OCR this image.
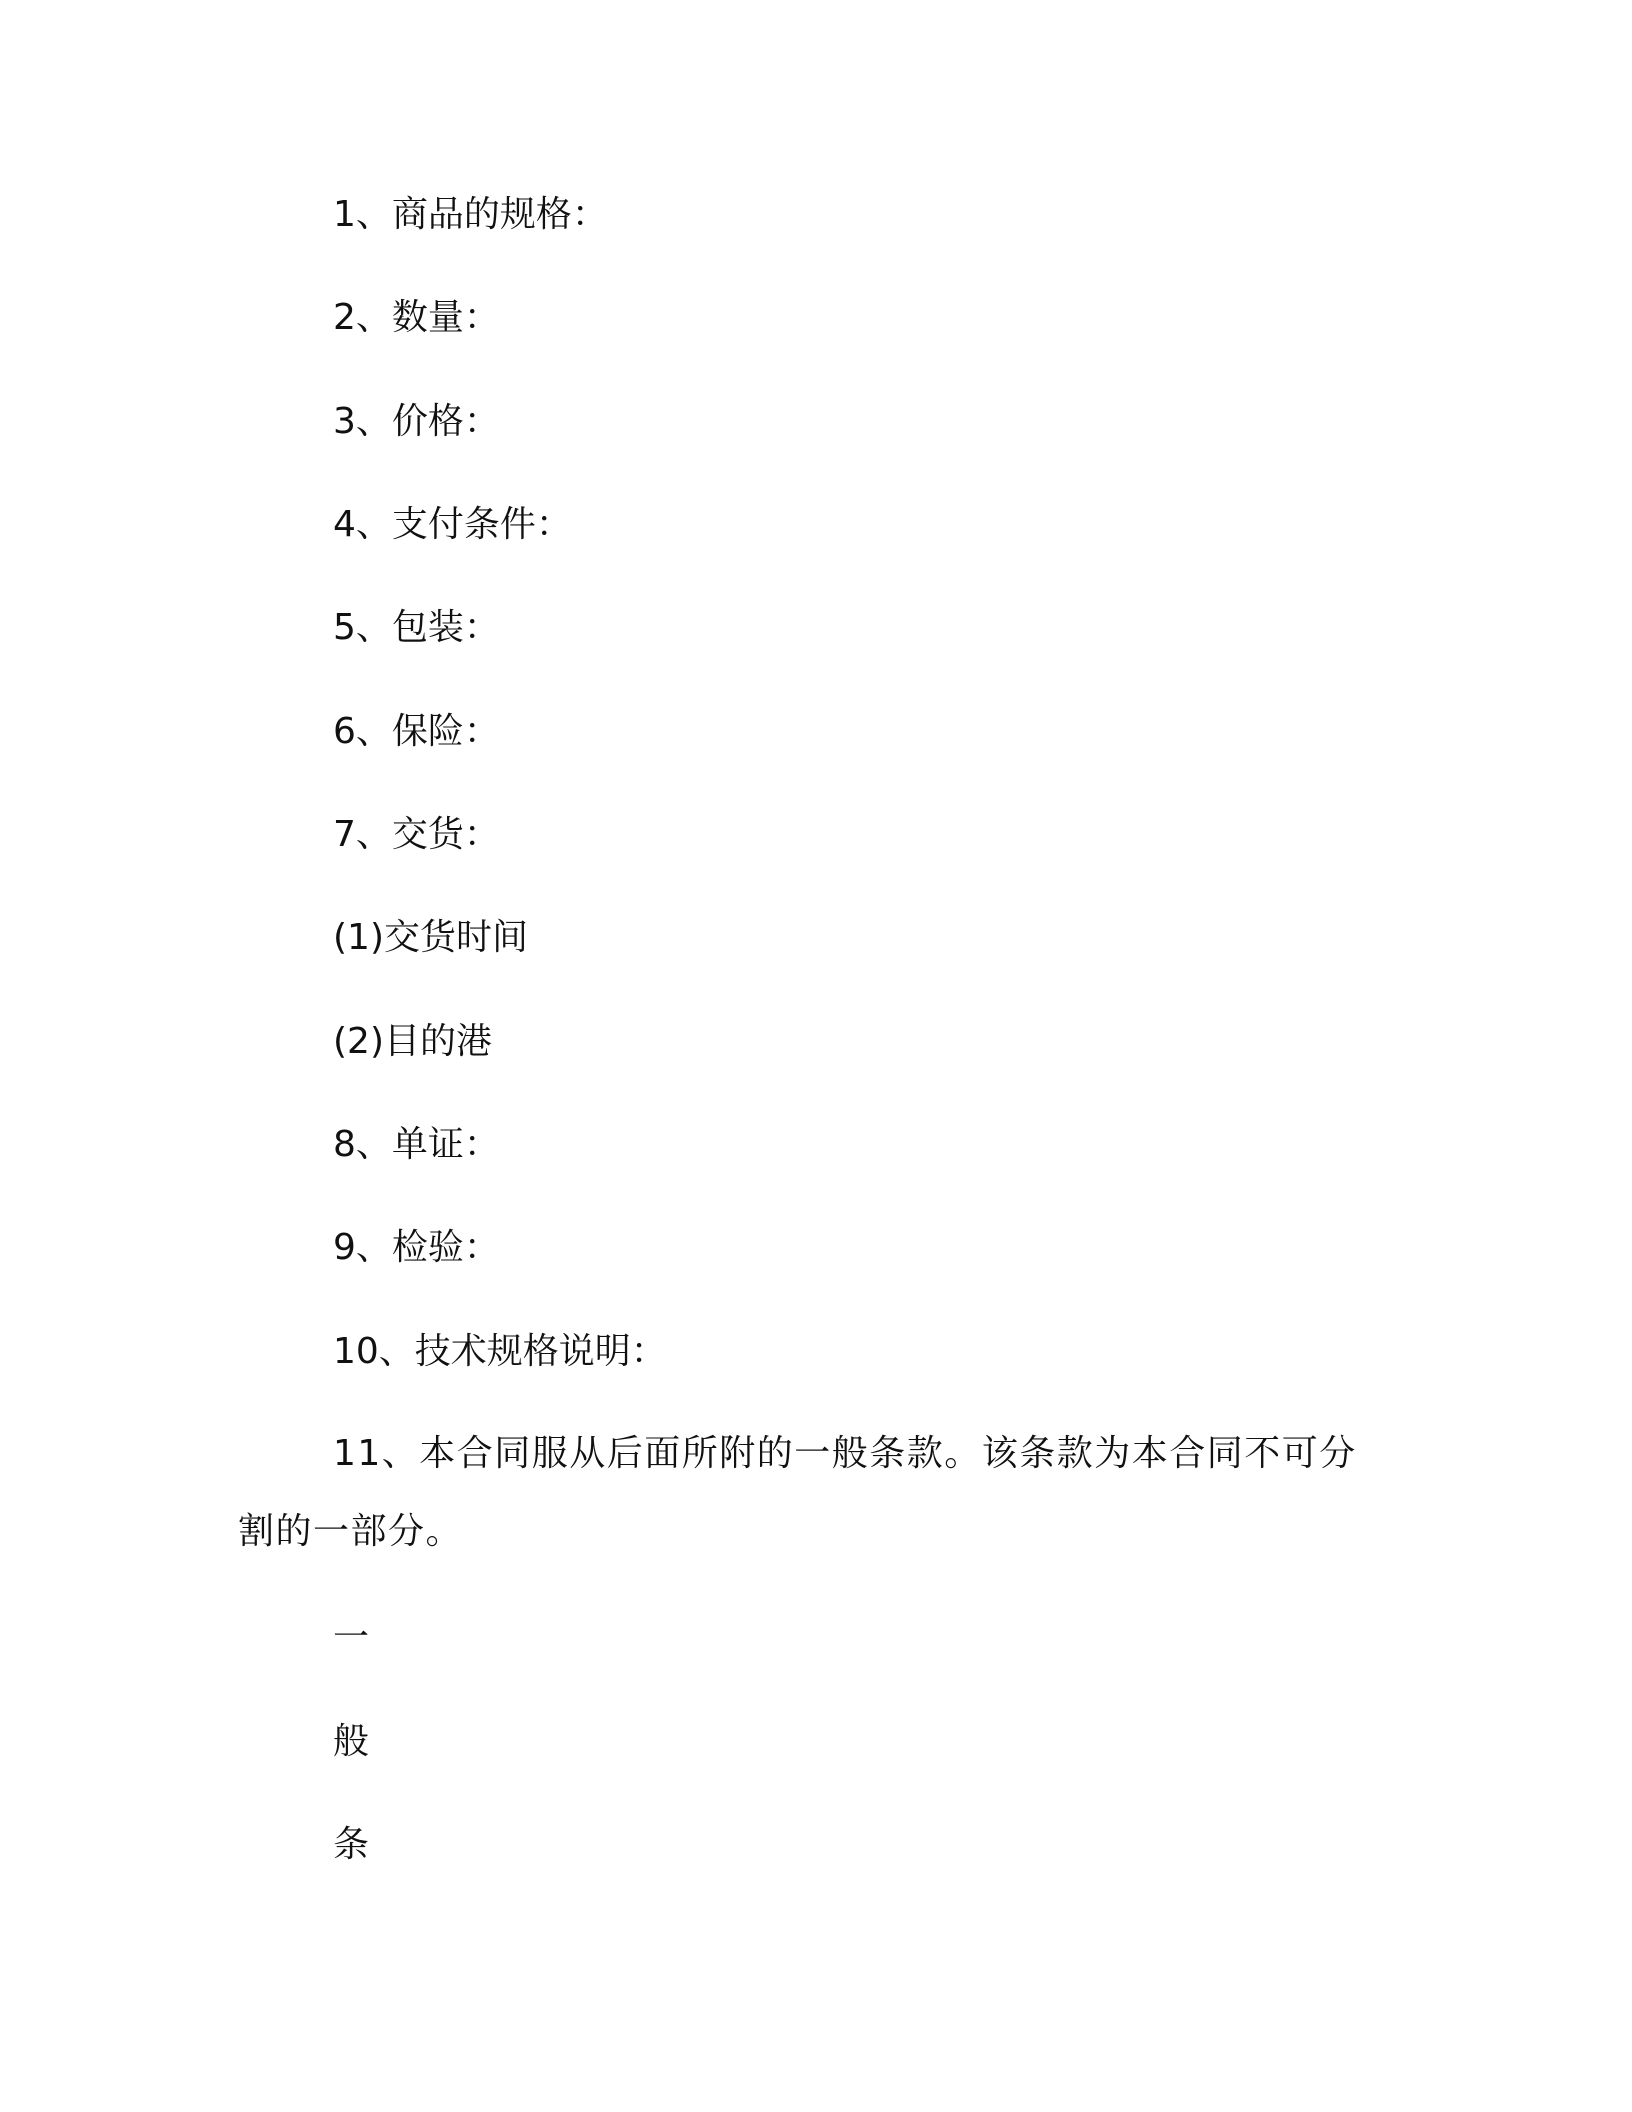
1、商品的规格：
2、数量：
3、价格：
4、支付条件：
5、包装：
6、保险：
7、交货：
(1)交货时间
(2)目的港
8、单证：
9、检验：
10、技术规格说明：
11、本合同服从后面所附的一般条款。该条款为本合同不可分割的一部分。
一
般
条
